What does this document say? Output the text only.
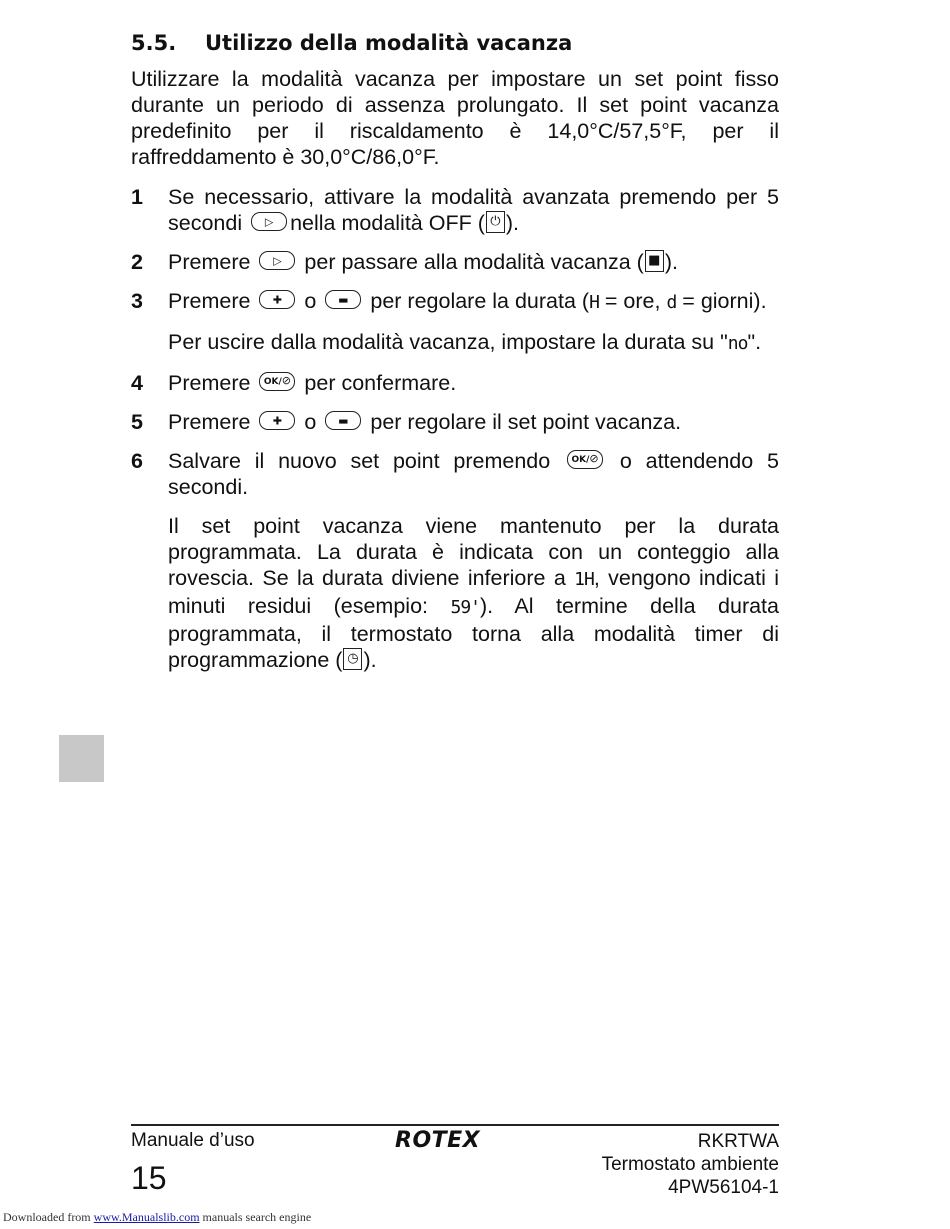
5.5.	Utilizzo della modalità vacanza

Utilizzare la modalità vacanza per impostare un set point fisso durante un periodo di assenza prolungato. Il set point vacanza predefinito per il riscaldamento è 14,0°C/57,5°F, per il raffreddamento è 30,0°C/86,0°F.

1	Se necessario, attivare la modalità avanzata premendo per 5 secondi	▷ nella modalità OFF ( ⏻ ).

2	Premere	▷	per passare alla modalità vacanza ( ■ ).

3	Premere	✚	o	▬	per regolare la durata (H = ore, d = giorni).

Per uscire dalla modalità vacanza, impostare la durata su "no".

4	Premere	OK/⊘ per confermare.

5	Premere	✚	o	▬	per regolare il set point vacanza.

6	Salvare il nuovo set point premendo	OK/⊘ o attendendo 5 secondi.

Il set point vacanza viene mantenuto per la durata programmata. La durata è indicata con un conteggio alla rovescia. Se la durata diviene inferiore a 1H, vengono indicati i minuti residui (esempio: 59'). Al termine della durata programmata, il termostato torna alla modalità timer di programmazione ( ◷ ).

Manuale d’uso
15
ROTEX	RKRTWA
Termostato ambiente
4PW56104-1
Downloaded from www.Manualslib.com manuals search engine
